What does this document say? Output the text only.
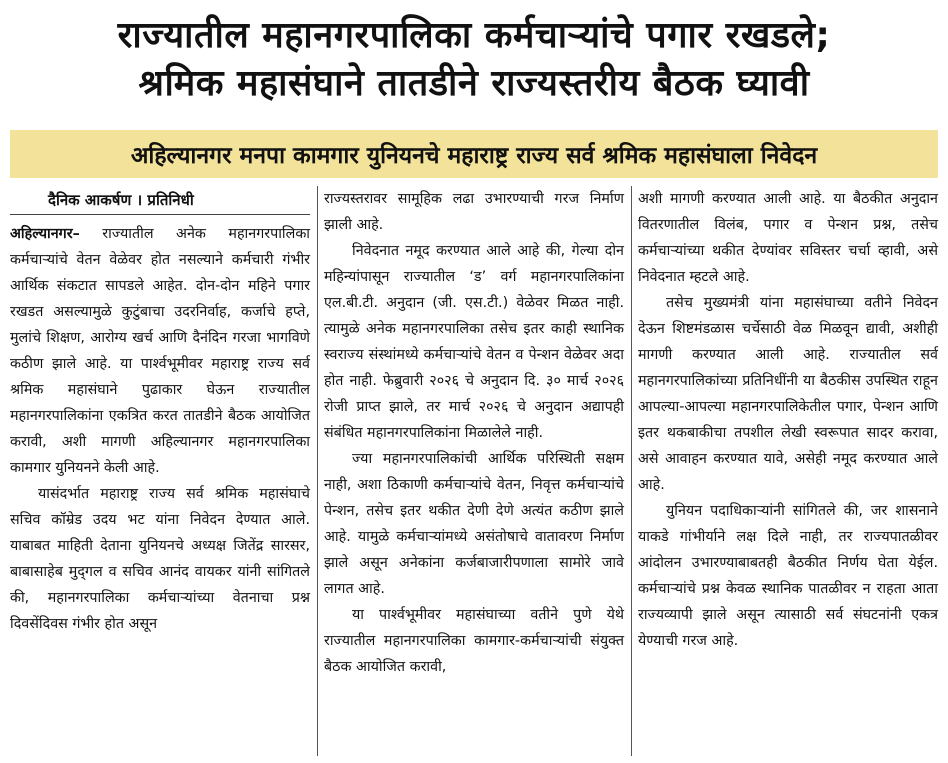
राज्यातील महानगरपालिका कर्मचाऱ्यांचे पगार रखडले;
श्रमिक महासंघाने तातडीने राज्यस्तरीय बैठक घ्यावी
अहिल्यानगर मनपा कामगार युनियनचे महाराष्ट्र राज्य सर्व श्रमिक महासंघाला निवेदन
दैनिक आकर्षण । प्रतिनिधी

अहिल्यानगर– राज्यातील अनेक महानगरपालिका कर्मचाऱ्यांचे वेतन वेळेवर होत नसल्याने कर्मचारी गंभीर आर्थिक संकटात सापडले आहेत. दोन-दोन महिने पगार रखडत असल्यामुळे कुटुंबाचा उदरनिर्वाह, कर्जाचे हप्ते, मुलांचे शिक्षण, आरोग्य खर्च आणि दैनंदिन गरजा भागविणे कठीण झाले आहे. या पार्श्वभूमीवर महाराष्ट्र राज्य सर्व श्रमिक महासंघाने पुढाकार घेऊन राज्यातील महानगरपालिकांना एकत्रित करत तातडीने बैठक आयोजित करावी, अशी मागणी अहिल्यानगर महानगरपालिका कामगार युनियनने केली आहे.

यासंदर्भात महाराष्ट्र राज्य सर्व श्रमिक महासंघाचे सचिव कॉम्रेड उदय भट यांना निवेदन देण्यात आले. याबाबत माहिती देताना युनियनचे अध्यक्ष जितेंद्र सारसर, बाबासाहेब मुद्‌गल व सचिव आनंद वायकर यांनी सांगितले की, महानगरपालिका कर्मचाऱ्यांच्या वेतनाचा प्रश्न दिवसेंदिवस गंभीर होत असून

राज्यस्तरावर सामूहिक लढा उभारण्याची गरज निर्माण झाली आहे.

निवेदनात नमूद करण्यात आले आहे की, गेल्या दोन महिन्यांपासून राज्यातील ‘ड’ वर्ग महानगरपालिकांना एल.बी.टी. अनुदान (जी. एस.टी.) वेळेवर मिळत नाही. त्यामुळे अनेक महानगरपालिका तसेच इतर काही स्थानिक स्वराज्य संस्थांमध्ये कर्मचाऱ्यांचे वेतन व पेन्शन वेळेवर अदा होत नाही. फेब्रुवारी २०२६ चे अनुदान दि. ३० मार्च २०२६ रोजी प्राप्त झाले, तर मार्च २०२६ चे अनुदान अद्यापही संबंधित महानगरपालिकांना मिळालेले नाही.

ज्या महानगरपालिकांची आर्थिक परिस्थिती सक्षम नाही, अशा ठिकाणी कर्मचाऱ्यांचे वेतन, निवृत्त कर्मचाऱ्यांचे पेन्शन, तसेच इतर थकीत देणी देणे अत्यंत कठीण झाले आहे. यामुळे कर्मचाऱ्यांमध्ये असंतोषाचे वातावरण निर्माण झाले असून अनेकांना कर्जबाजारीपणाला सामोरे जावे लागत आहे.

या पार्श्वभूमीवर महासंघाच्या वतीने पुणे येथे राज्यातील महानगरपालिका कामगार-कर्मचाऱ्यांची संयुक्त बैठक आयोजित करावी,

अशी मागणी करण्यात आली आहे. या बैठकीत अनुदान वितरणातील विलंब, पगार व पेन्शन प्रश्न, तसेच कर्मचाऱ्यांच्या थकीत देण्यांवर सविस्तर चर्चा व्हावी, असे निवेदनात म्हटले आहे.

तसेच मुख्यमंत्री यांना महासंघाच्या वतीने निवेदन देऊन शिष्टमंडळास चर्चेसाठी वेळ मिळवून द्यावी, अशीही मागणी करण्यात आली आहे. राज्यातील सर्व महानगरपालिकांच्या प्रतिनिधींनी या बैठकीस उपस्थित राहून आपल्या-आपल्या महानगरपालिकेतील पगार, पेन्शन आणि इतर थकबाकीचा तपशील लेखी स्वरूपात सादर करावा, असे आवाहन करण्यात यावे, असेही नमूद करण्यात आले आहे.

युनियन पदाधिकाऱ्यांनी सांगितले की, जर शासनाने याकडे गांभीर्याने लक्ष दिले नाही, तर राज्यपातळीवर आंदोलन उभारण्याबाबतही बैठकीत निर्णय घेता येईल. कर्मचाऱ्यांचे प्रश्न केवळ स्थानिक पातळीवर न राहता आता राज्यव्यापी झाले असून त्यासाठी सर्व संघटनांनी एकत्र येण्याची गरज आहे.
